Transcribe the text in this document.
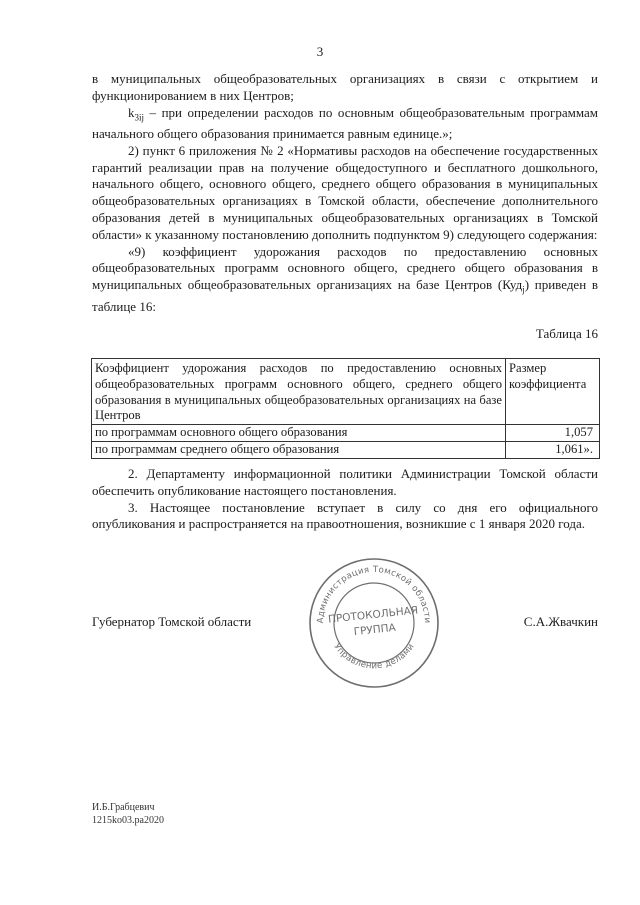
3

в муниципальных общеобразовательных организациях в связи с открытием и функционированием в них Центров;

$k_{3ij}$ – при определении расходов по основным общеобразовательным программам начального общего образования принимается равным единице.»;

2) пункт 6 приложения № 2 «Нормативы расходов на обеспечение государственных гарантий реализации прав на получение общедоступного и бесплатного дошкольного, начального общего, основного общего, среднего общего образования в муниципальных общеобразовательных организациях в Томской области, обеспечение дополнительного образования детей в муниципальных общеобразовательных организациях в Томской области» к указанному постановлению дополнить подпунктом 9) следующего содержания:

«9) коэффициент удорожания расходов по предоставлению основных общеобразовательных программ основного общего, среднего общего образования в муниципальных общеобразовательных организациях на базе Центров (Куд$_j$) приведен в таблице 16:

Таблица 16
Коэффициент удорожания расходов по предоставлению основных общеобразовательных программ основного общего, среднего общего образования в муниципальных общеобразовательных организациях на базе Центров	Размер коэффициента
по программам основного общего образования	1,057
по программам среднего общего образования	1,061».

2. Департаменту информационной политики Администрации Томской области обеспечить опубликование настоящего постановления.

3. Настоящее постановление вступает в силу со дня его официального опубликования и распространяется на правоотношения, возникшие с 1 января 2020 года.

Губернатор Томской области	Администрация Томской области
Управление делами
ПРОТОКОЛЬНАЯ
ГРУППА
С.А.Жвачкин
И.Б.Грабцевич
1215ko03.pa2020
